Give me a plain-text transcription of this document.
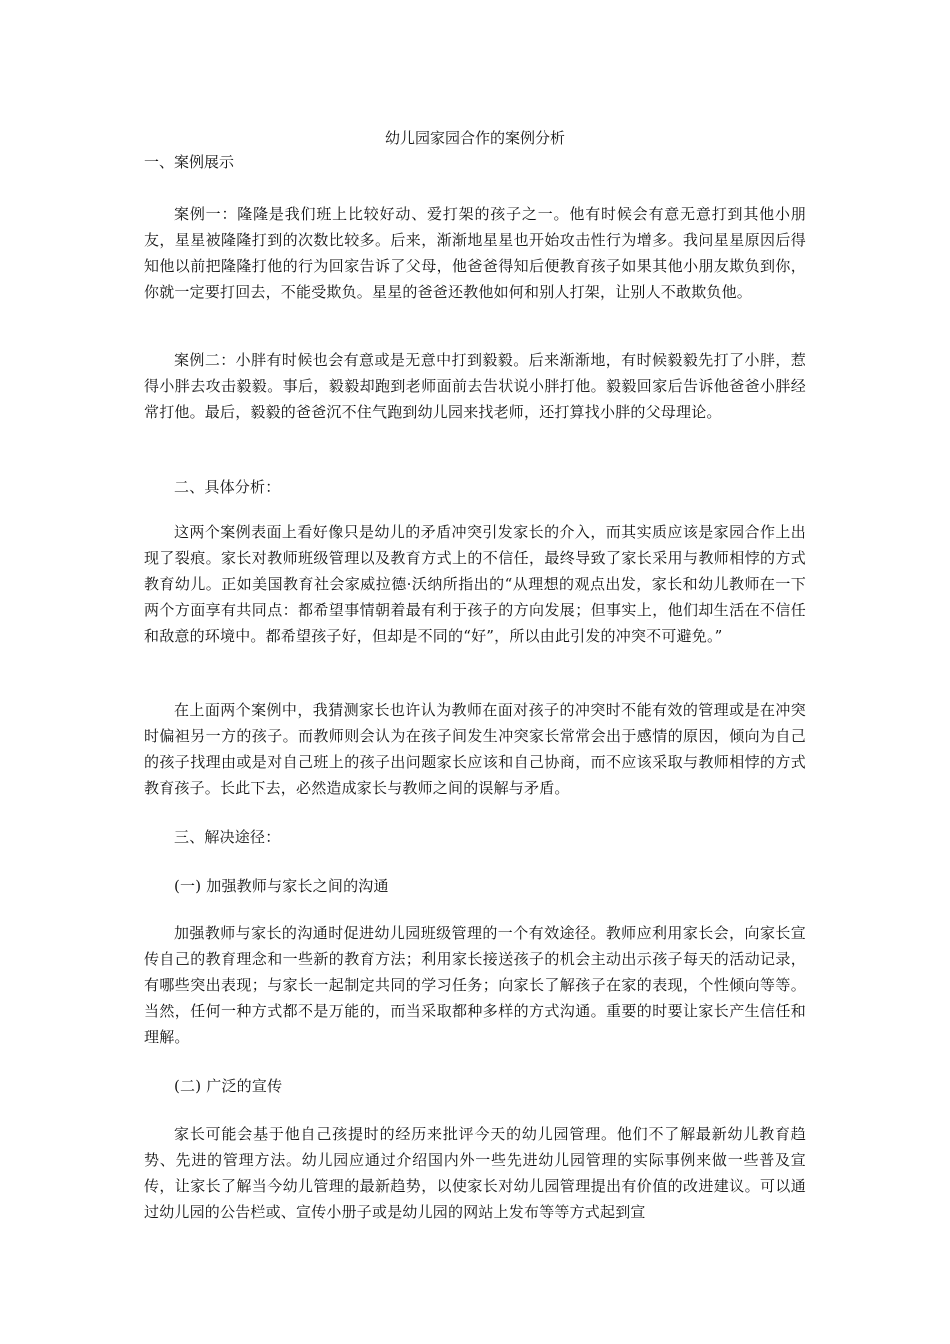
幼儿园家园合作的案例分析
一、案例展示
案例一：隆隆是我们班上比较好动、爱打架的孩子之一。他有时候会有意无意打到其他小朋友，星星被隆隆打到的次数比较多。后来，渐渐地星星也开始攻击性行为增多。我问星星原因后得知他以前把隆隆打他的行为回家告诉了父母，他爸爸得知后便教育孩子如果其他小朋友欺负到你，你就一定要打回去，不能受欺负。星星的爸爸还教他如何和别人打架，让别人不敢欺负他。
案例二：小胖有时候也会有意或是无意中打到毅毅。后来渐渐地，有时候毅毅先打了小胖，惹得小胖去攻击毅毅。事后，毅毅却跑到老师面前去告状说小胖打他。毅毅回家后告诉他爸爸小胖经常打他。最后，毅毅的爸爸沉不住气跑到幼儿园来找老师，还打算找小胖的父母理论。
二、具体分析：
这两个案例表面上看好像只是幼儿的矛盾冲突引发家长的介入，而其实质应该是家园合作上出现了裂痕。家长对教师班级管理以及教育方式上的不信任，最终导致了家长采用与教师相悖的方式教育幼儿。正如美国教育社会家威拉德·沃纳所指出的“从理想的观点出发，家长和幼儿教师在一下两个方面享有共同点：都希望事情朝着最有利于孩子的方向发展；但事实上，他们却生活在不信任和敌意的环境中。都希望孩子好，但却是不同的“好”，所以由此引发的冲突不可避免。”
在上面两个案例中，我猜测家长也许认为教师在面对孩子的冲突时不能有效的管理或是在冲突时偏袒另一方的孩子。而教师则会认为在孩子间发生冲突家长常常会出于感情的原因，倾向为自己的孩子找理由或是对自己班上的孩子出问题家长应该和自己协商，而不应该采取与教师相悖的方式教育孩子。长此下去，必然造成家长与教师之间的误解与矛盾。
三、解决途径：
(一) 加强教师与家长之间的沟通
加强教师与家长的沟通时促进幼儿园班级管理的一个有效途径。教师应利用家长会，向家长宣传自己的教育理念和一些新的教育方法；利用家长接送孩子的机会主动出示孩子每天的活动记录，有哪些突出表现；与家长一起制定共同的学习任务；向家长了解孩子在家的表现，个性倾向等等。当然，任何一种方式都不是万能的，而当采取都种多样的方式沟通。重要的时要让家长产生信任和理解。
(二) 广泛的宣传
家长可能会基于他自己孩提时的经历来批评今天的幼儿园管理。他们不了解最新幼儿教育趋势、先进的管理方法。幼儿园应通过介绍国内外一些先进幼儿园管理的实际事例来做一些普及宣传，让家长了解当今幼儿管理的最新趋势，以使家长对幼儿园管理提出有价值的改进建议。可以通过幼儿园的公告栏或、宣传小册子或是幼儿园的网站上发布等等方式起到宣
